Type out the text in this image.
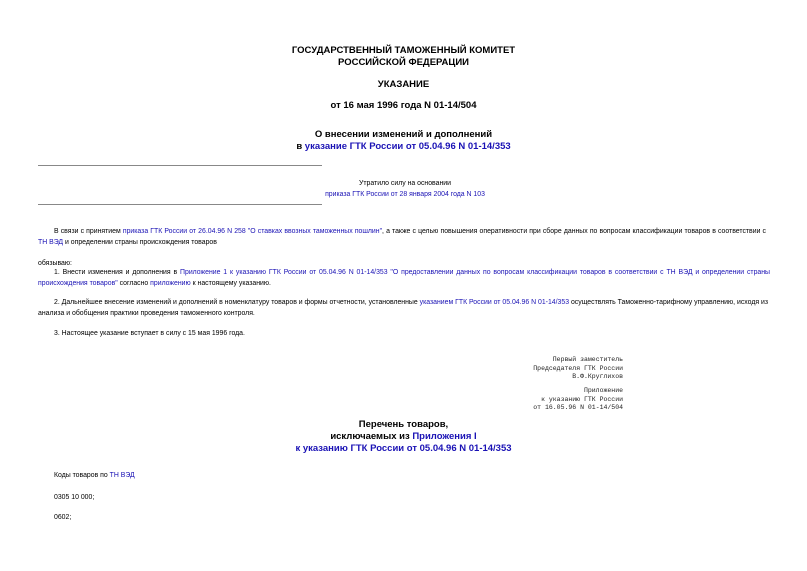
ГОСУДАРСТВЕННЫЙ ТАМОЖЕННЫЙ КОМИТЕТ
РОССИЙСКОЙ ФЕДЕРАЦИИ
УКАЗАНИЕ
от 16 мая 1996 года N 01-14/504
О внесении изменений и дополнений
в указание ГТК России от 05.04.96 N 01-14/353
Утратило силу на основании
приказа ГТК России от 28 января 2004 года N 103
В связи с принятием приказа ГТК России от 26.04.96 N 258 "О ставках ввозных таможенных пошлин", а также с целью повышения оперативности при сборе данных по вопросам классификации товаров в соответствии с ТН ВЭД и определении страны происхождения товаров
обязываю:
1. Внести изменения и дополнения в Приложение 1 к указанию ГТК России от 05.04.96 N 01-14/353 "О предоставлении данных по вопросам классификации товаров в соответствии с ТН ВЭД и определении страны происхождения товаров" согласно приложению к настоящему указанию.
2. Дальнейшее внесение изменений и дополнений в номенклатуру товаров и формы отчетности, установленные указанием ГТК России от 05.04.96 N 01-14/353 осуществлять Таможенно-тарифному управлению, исходя из анализа и обобщения практики проведения таможенного контроля.
3. Настоящее указание вступает в силу с 15 мая 1996 года.
Первый заместитель
Председателя ГТК России
В.Ф.Круглихов
Приложение
к указанию ГТК России
от 16.05.96 N 01-14/504
Перечень товаров,
исключаемых из Приложения I
к указанию ГТК России от 05.04.96 N 01-14/353
Коды товаров по ТН ВЭД
0305 10 000;
0602;
